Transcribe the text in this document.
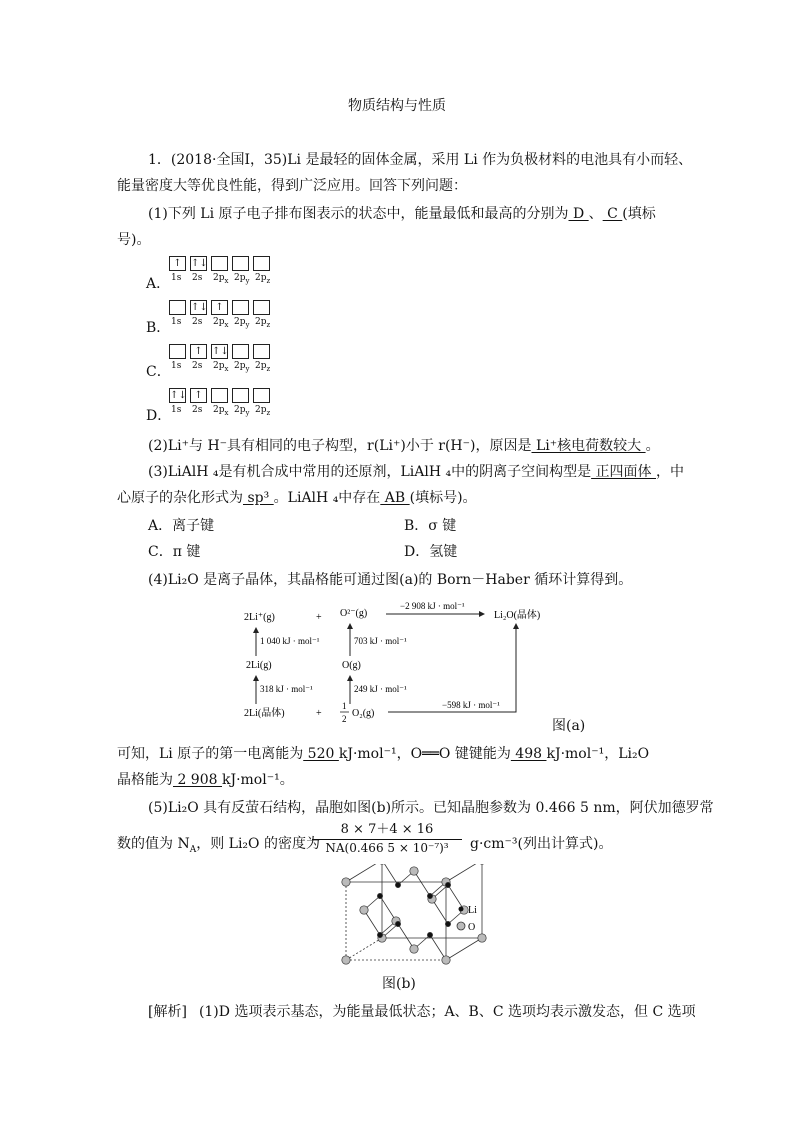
物质结构与性质
1．(2018·全国Ⅰ，35)Li 是最轻的固体金属，采用 Li 作为负极材料的电池具有小而轻、
能量密度大等优良性能，得到广泛应用。回答下列问题：
(1)下列 Li 原子电子排布图表示的状态中，能量最低和最高的分别为 D 、 C (填标
号)。
A．
↑
1s
↑↓
2s $2p_x$ $2p_y$ $2p_z$
B． 1s
↑↓
2s
↑
$2p_x$ $2p_y$ $2p_z$
C． 1s
↑
2s
↑↓
$2p_x$ $2p_y$ $2p_z$
D．
↑↓
1s
↑
2s $2p_x$ $2p_y$ $2p_z$
(2)Li⁺与 H⁻具有相同的电子构型，r(Li⁺)小于 r(H⁻)，原因是 Li⁺核电荷数较大 。
(3)LiAlH ₄是有机合成中常用的还原剂，LiAlH ₄中的阴离子空间构型是 正四面体 ，中
心原子的杂化形式为 sp³ 。LiAlH ₄中存在 AB (填标号)。
A．离子键	B．σ 键
C．π 键	D．氢键
(4)Li₂O 是离子晶体，其晶格能可通过图(a)的 Born－Haber 循环计算得到。
2Li⁺(g)	+ O²⁻(g)
−2 908 kJ · mol⁻¹
Li₂O(晶体)
1 040 kJ · mol⁻¹	703 kJ · mol⁻¹
2Li(g)	O(g)
318 kJ · mol⁻¹	249 kJ · mol⁻¹
2Li(晶体)	+
1
2 O₂(g)
−598 kJ · mol⁻¹
图(a)
可知，Li 原子的第一电离能为 520 kJ·mol⁻¹，O══O 键键能为 498 kJ·mol⁻¹，Li₂O
晶格能为 2 908 kJ·mol⁻¹。
(5)Li₂O 具有反萤石结构，晶胞如图(b)所示。已知晶胞参数为 0.466 5 nm，阿伏加德罗常
数的值为 $N_A$，则 Li₂O 的密度为
8 × 7＋4 × 16
NA(0.466 5 × 10⁻⁷)³	g·cm⁻³(列出计算式)。
Li
O
图(b)
[解析] (1)D 选项表示基态，为能量最低状态；A、B、C 选项均表示激发态，但 C 选项
